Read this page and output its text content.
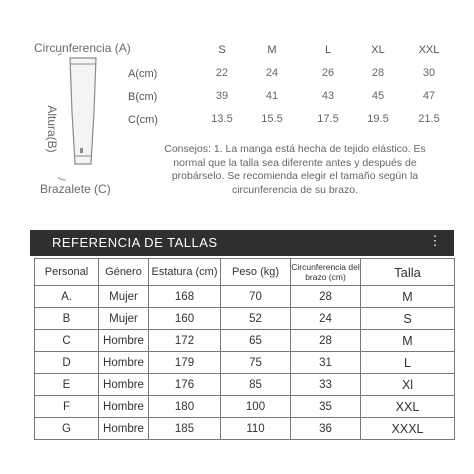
Circunferencia (A)
Altura(B)
Brazalete (C)
S	M	L	XL	XXL
A(cm)	22	24	26	28	30
B(cm)	39	41	43	45	47
C(cm)	13.5	15.5	17.5	19.5	21.5
Consejos: 1. La manga está hecha de tejido elástico. Es normal que la talla sea diferente antes y después de probárselo. Se recomienda elegir el tamaño según la circunferencia de su brazo.
REFERENCIA DE TALLAS	⋮
Personal	Género	Estatura (cm)	Peso (kg)	Circunferencia del brazo (cm)	Talla
A.	Mujer	168	70	28	M
B	Mujer	160	52	24	S
C	Hombre	172	65	28	M
D	Hombre	179	75	31	L
E	Hombre	176	85	33	Xl
F	Hombre	180	100	35	XXL
G	Hombre	185	110	36	XXXL
